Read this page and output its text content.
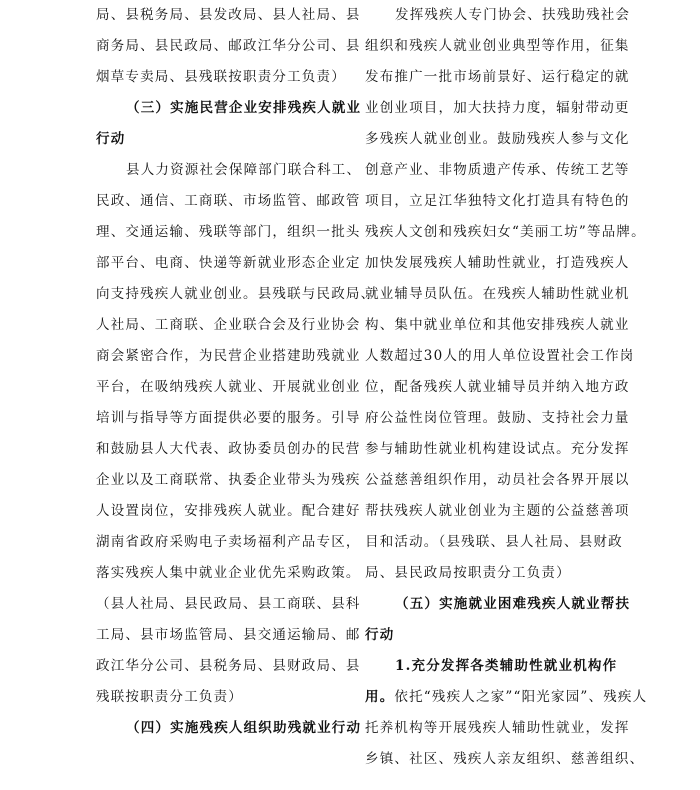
局、县税务局、县发改局、县人社局、县
商务局、县民政局、邮政江华分公司、县
烟草专卖局、县残联按职责分工负责）
（三）实施民营企业安排残疾人就业
行动
县人力资源社会保障部门联合科工、
民政、通信、工商联、市场监管、邮政管
理、交通运输、残联等部门，组织一批头
部平台、电商、快递等新就业形态企业定
向支持残疾人就业创业。县残联与民政局、
人社局、工商联、企业联合会及行业协会
商会紧密合作，为民营企业搭建助残就业
平台，在吸纳残疾人就业、开展就业创业
培训与指导等方面提供必要的服务。引导
和鼓励县人大代表、政协委员创办的民营
企业以及工商联常、执委企业带头为残疾
人设置岗位，安排残疾人就业。配合建好
湖南省政府采购电子卖场福利产品专区，
落实残疾人集中就业企业优先采购政策。
（县人社局、县民政局、县工商联、县科
工局、县市场监管局、县交通运输局、邮
政江华分公司、县税务局、县财政局、县
残联按职责分工负责）
（四）实施残疾人组织助残就业行动
发挥残疾人专门协会、扶残助残社会
组织和残疾人就业创业典型等作用，征集
发布推广一批市场前景好、运行稳定的就
业创业项目，加大扶持力度，辐射带动更
多残疾人就业创业。鼓励残疾人参与文化
创意产业、非物质遗产传承、传统工艺等
项目，立足江华独特文化打造具有特色的
残疾人文创和残疾妇女“美丽工坊”等品牌。
加快发展残疾人辅助性就业，打造残疾人
就业辅导员队伍。在残疾人辅助性就业机
构、集中就业单位和其他安排残疾人就业
人数超过30人的用人单位设置社会工作岗
位，配备残疾人就业辅导员并纳入地方政
府公益性岗位管理。鼓励、支持社会力量
参与辅助性就业机构建设试点。充分发挥
公益慈善组织作用，动员社会各界开展以
帮扶残疾人就业创业为主题的公益慈善项
目和活动。（县残联、县人社局、县财政
局、县民政局按职责分工负责）
（五）实施就业困难残疾人就业帮扶
行动
1.充分发挥各类辅助性就业机构作
用。依托“残疾人之家”“阳光家园”、残疾人
托养机构等开展残疾人辅助性就业，发挥
乡镇、社区、残疾人亲友组织、慈善组织、
